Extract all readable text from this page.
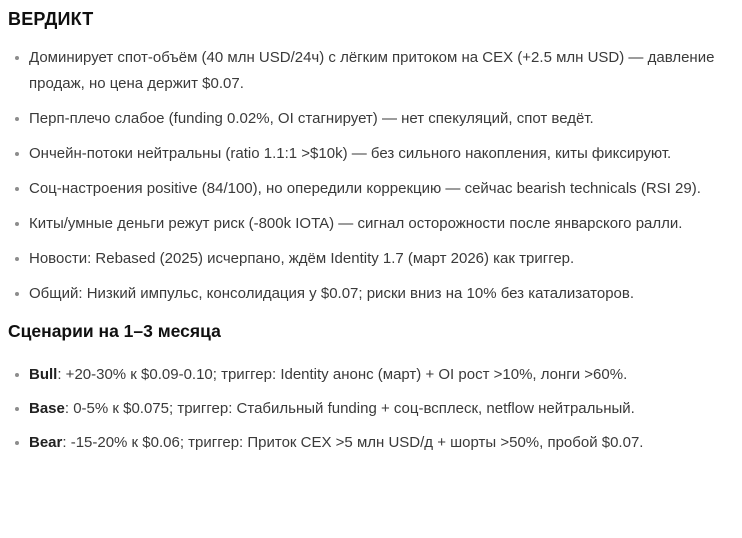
ВЕРДИКТ
Доминирует спот-объём (40 млн USD/24ч) с лёгким притоком на CEX (+2.5 млн USD) — давление продаж, но цена держит $0.07.
Перп-плечо слабое (funding 0.02%, OI стагнирует) — нет спекуляций, спот ведёт.
Ончейн-потоки нейтральны (ratio 1.1:1 >$10k) — без сильного накопления, киты фиксируют.
Соц-настроения positive (84/100), но опередили коррекцию — сейчас bearish technicals (RSI 29).
Киты/умные деньги режут риск (-800k IOTA) — сигнал осторожности после январского ралли.
Новости: Rebased (2025) исчерпано, ждём Identity 1.7 (март 2026) как триггер.
Общий: Низкий импульс, консолидация у $0.07; риски вниз на 10% без катализаторов.
Сценарии на 1–3 месяца
Bull: +20-30% к $0.09-0.10; триггер: Identity анонс (март) + OI рост >10%, лонги >60%.
Base: 0-5% к $0.075; триггер: Стабильный funding + соц-всплеск, netflow нейтральный.
Bear: -15-20% к $0.06; триггер: Приток CEX >5 млн USD/д + шорты >50%, пробой $0.07.
